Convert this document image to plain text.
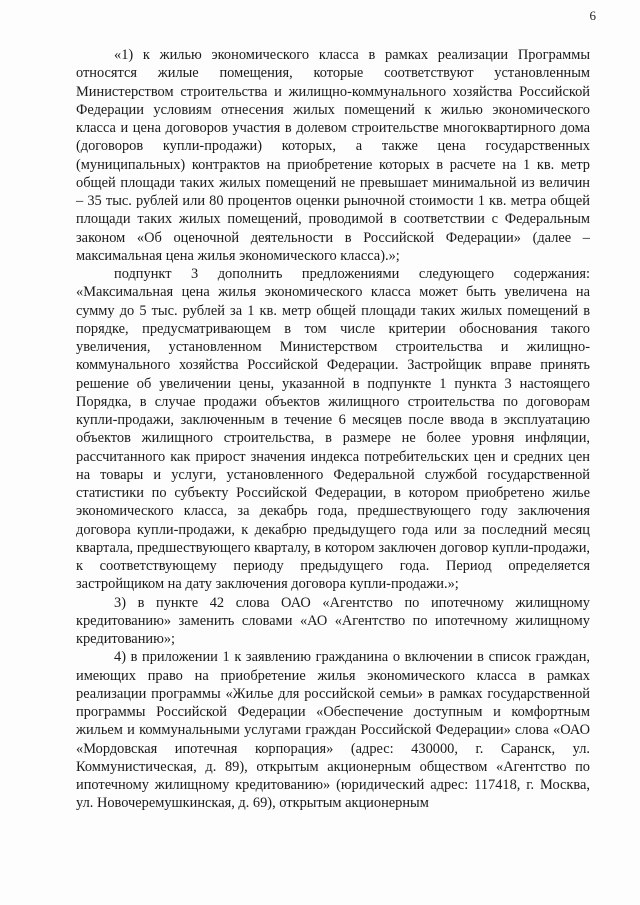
6

«1) к жилью экономического класса в рамках реализации Программы относятся жилые помещения, которые соответствуют установленным Министерством строительства и жилищно-коммунального хозяйства Российской Федерации условиям отнесения жилых помещений к жилью экономического класса и цена договоров участия в долевом строительстве многоквартирного дома (договоров купли-продажи) которых, а также цена государственных (муниципальных) контрактов на приобретение которых в расчете на 1 кв. метр общей площади таких жилых помещений не превышает минимальной из величин – 35 тыс. рублей или 80 процентов оценки рыночной стоимости 1 кв. метра общей площади таких жилых помещений, проводимой в соответствии с Федеральным законом «Об оценочной деятельности в Российской Федерации» (далее – максимальная цена жилья экономического класса).»;

подпункт 3 дополнить предложениями следующего содержания: «Максимальная цена жилья экономического класса может быть увеличена на сумму до 5 тыс. рублей за 1 кв. метр общей площади таких жилых помещений в порядке, предусматривающем в том числе критерии обоснования такого увеличения, установленном Министерством строительства и жилищно-коммунального хозяйства Российской Федерации. Застройщик вправе принять решение об увеличении цены, указанной в подпункте 1 пункта 3 настоящего Порядка, в случае продажи объектов жилищного строительства по договорам купли-продажи, заключенным в течение 6 месяцев после ввода в эксплуатацию объектов жилищного строительства, в размере не более уровня инфляции, рассчитанного как прирост значения индекса потребительских цен и средних цен на товары и услуги, установленного Федеральной службой государственной статистики по субъекту Российской Федерации, в котором приобретено жилье экономического класса, за декабрь года, предшествующего году заключения договора купли-продажи, к декабрю предыдущего года или за последний месяц квартала, предшествующего кварталу, в котором заключен договор купли-продажи, к соответствующему периоду предыдущего года. Период определяется застройщиком на дату заключения договора купли-продажи.»;

3) в пункте 42 слова ОАО «Агентство по ипотечному жилищному кредитованию» заменить словами «АО «Агентство по ипотечному жилищному кредитованию»;

4) в приложении 1 к заявлению гражданина о включении в список граждан, имеющих право на приобретение жилья экономического класса в рамках реализации программы «Жилье для российской семьи» в рамках государственной программы Российской Федерации «Обеспечение доступным и комфортным жильем и коммунальными услугами граждан Российской Федерации» слова «ОАО «Мордовская ипотечная корпорация» (адрес: 430000, г. Саранск, ул. Коммунистическая, д. 89), открытым акционерным обществом «Агентство по ипотечному жилищному кредитованию» (юридический адрес: 117418, г. Москва, ул. Новочеремушкинская, д. 69), открытым акционерным
